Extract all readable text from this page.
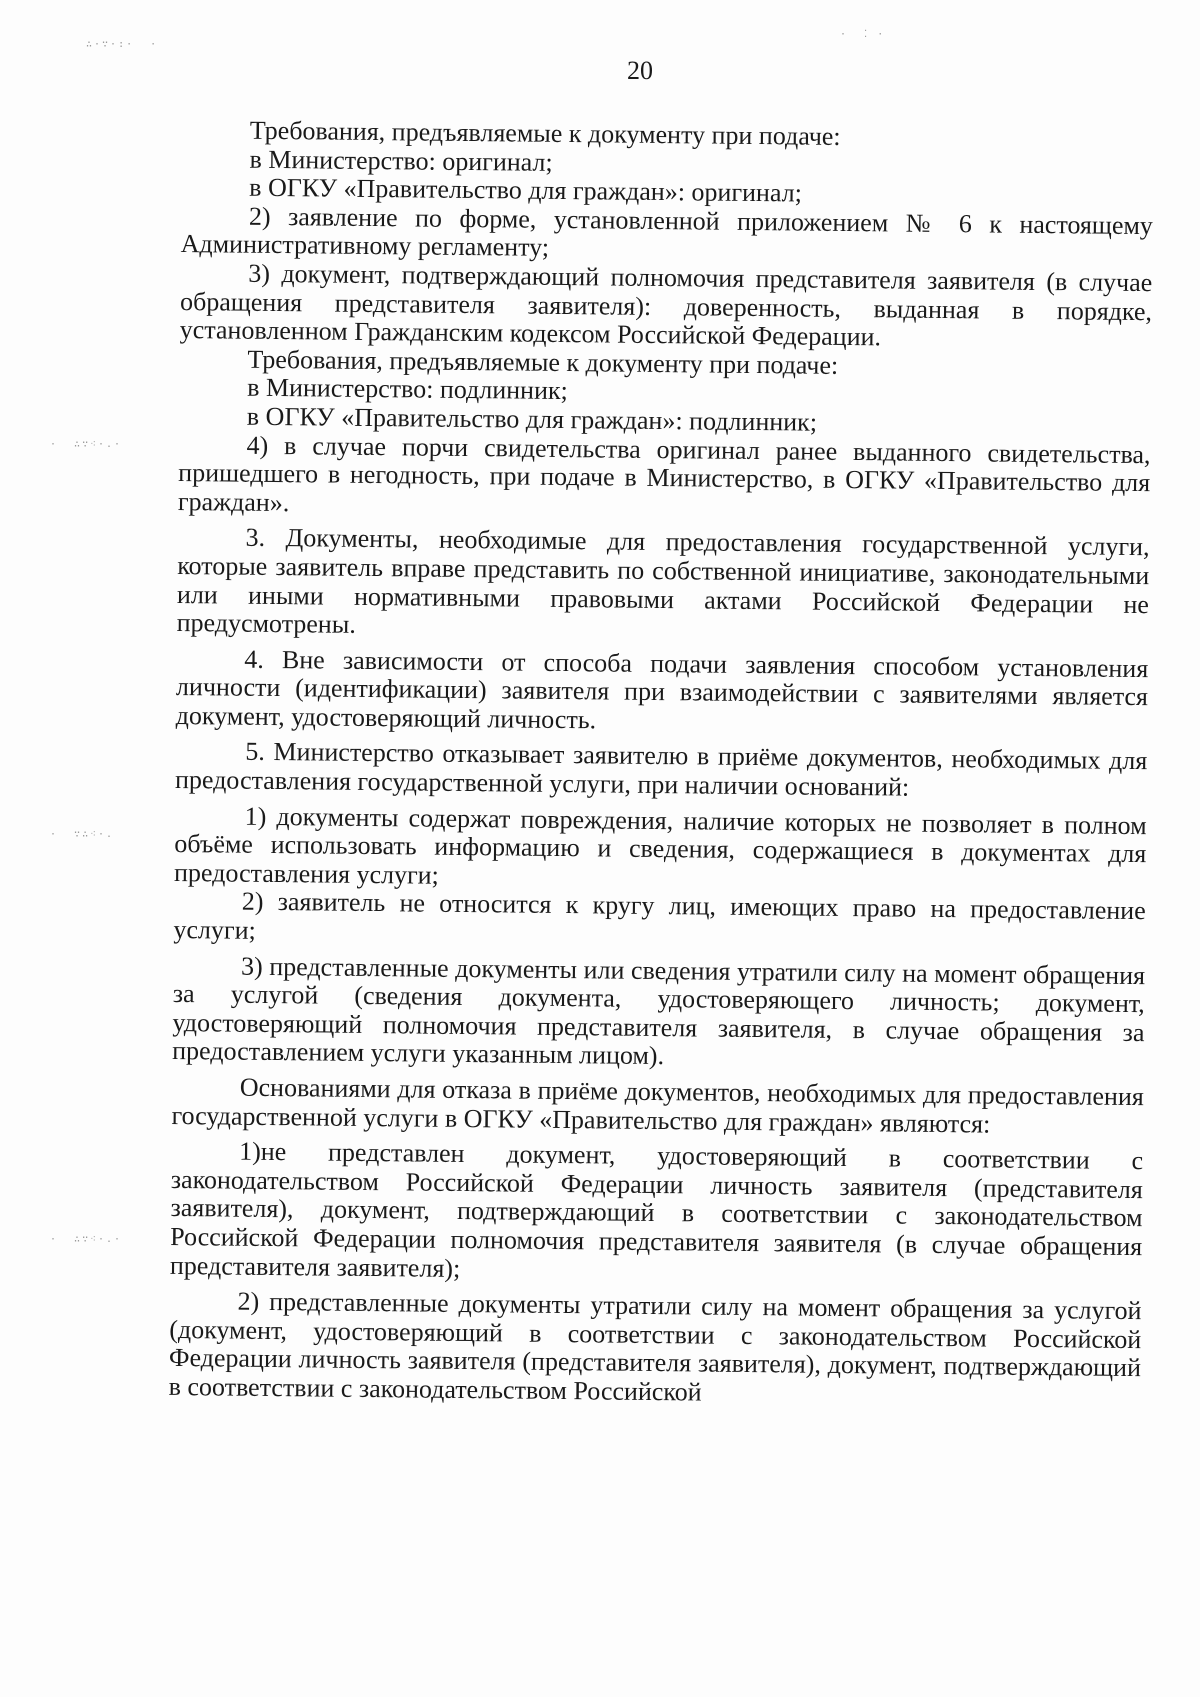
20

Требования, предъявляемые к документу при подаче:

в Министерство: оригинал;

в ОГКУ «Правительство для граждан»: оригинал;

2) заявление по форме, установленной приложением № 6 к настоящему Административному регламенту;

3) документ, подтверждающий полномочия представителя заявителя (в случае обращения представителя заявителя): доверенность, выданная в порядке, установленном Гражданским кодексом Российской Федерации.

Требования, предъявляемые к документу при подаче:

в Министерство: подлинник;

в ОГКУ «Правительство для граждан»: подлинник;

4) в случае порчи свидетельства оригинал ранее выданного свидетельства, пришедшего в негодность, при подаче в Министерство, в ОГКУ «Правительство для граждан».

3. Документы, необходимые для предоставления государственной услуги, которые заявитель вправе представить по собственной инициативе, законодательными или иными нормативными правовыми актами Российской Федерации не предусмотрены.

4. Вне зависимости от способа подачи заявления способом установления личности (идентификации) заявителя при взаимодействии с заявителями является документ, удостоверяющий личность.

5. Министерство отказывает заявителю в приёме документов, необходимых для предоставления государственной услуги, при наличии оснований:

1) документы содержат повреждения, наличие которых не позволяет в полном объёме использовать информацию и сведения, содержащиеся в документах для предоставления услуги;

2) заявитель не относится к кругу лиц, имеющих право на предоставление услуги;

3) представленные документы или сведения утратили силу на момент обращения за услугой (сведения документа, удостоверяющего личность; документ, удостоверяющий полномочия представителя заявителя, в случае обращения за предоставлением услуги указанным лицом).

Основаниями для отказа в приёме документов, необходимых для предоставления государственной услуги в ОГКУ «Правительство для граждан» являются:

1)не представлен документ, удостоверяющий в соответствии с законодательством Российской Федерации личность заявителя (представителя заявителя), документ, подтверждающий в соответствии с законодательством Российской Федерации полномочия представителя заявителя (в случае обращения представителя заявителя);

2) представленные документы утратили силу на момент обращения за услугой (документ, удостоверяющий в соответствии с законодательством Российской Федерации личность заявителя (представителя заявителя), документ, подтверждающий в соответствии с законодательством Российской

∴·∵·:·  ·
·  ⁚ ·
·  ∴∵⁖·.·
·  ∵∴⁖·.
·  ∴∵⁖·.·
